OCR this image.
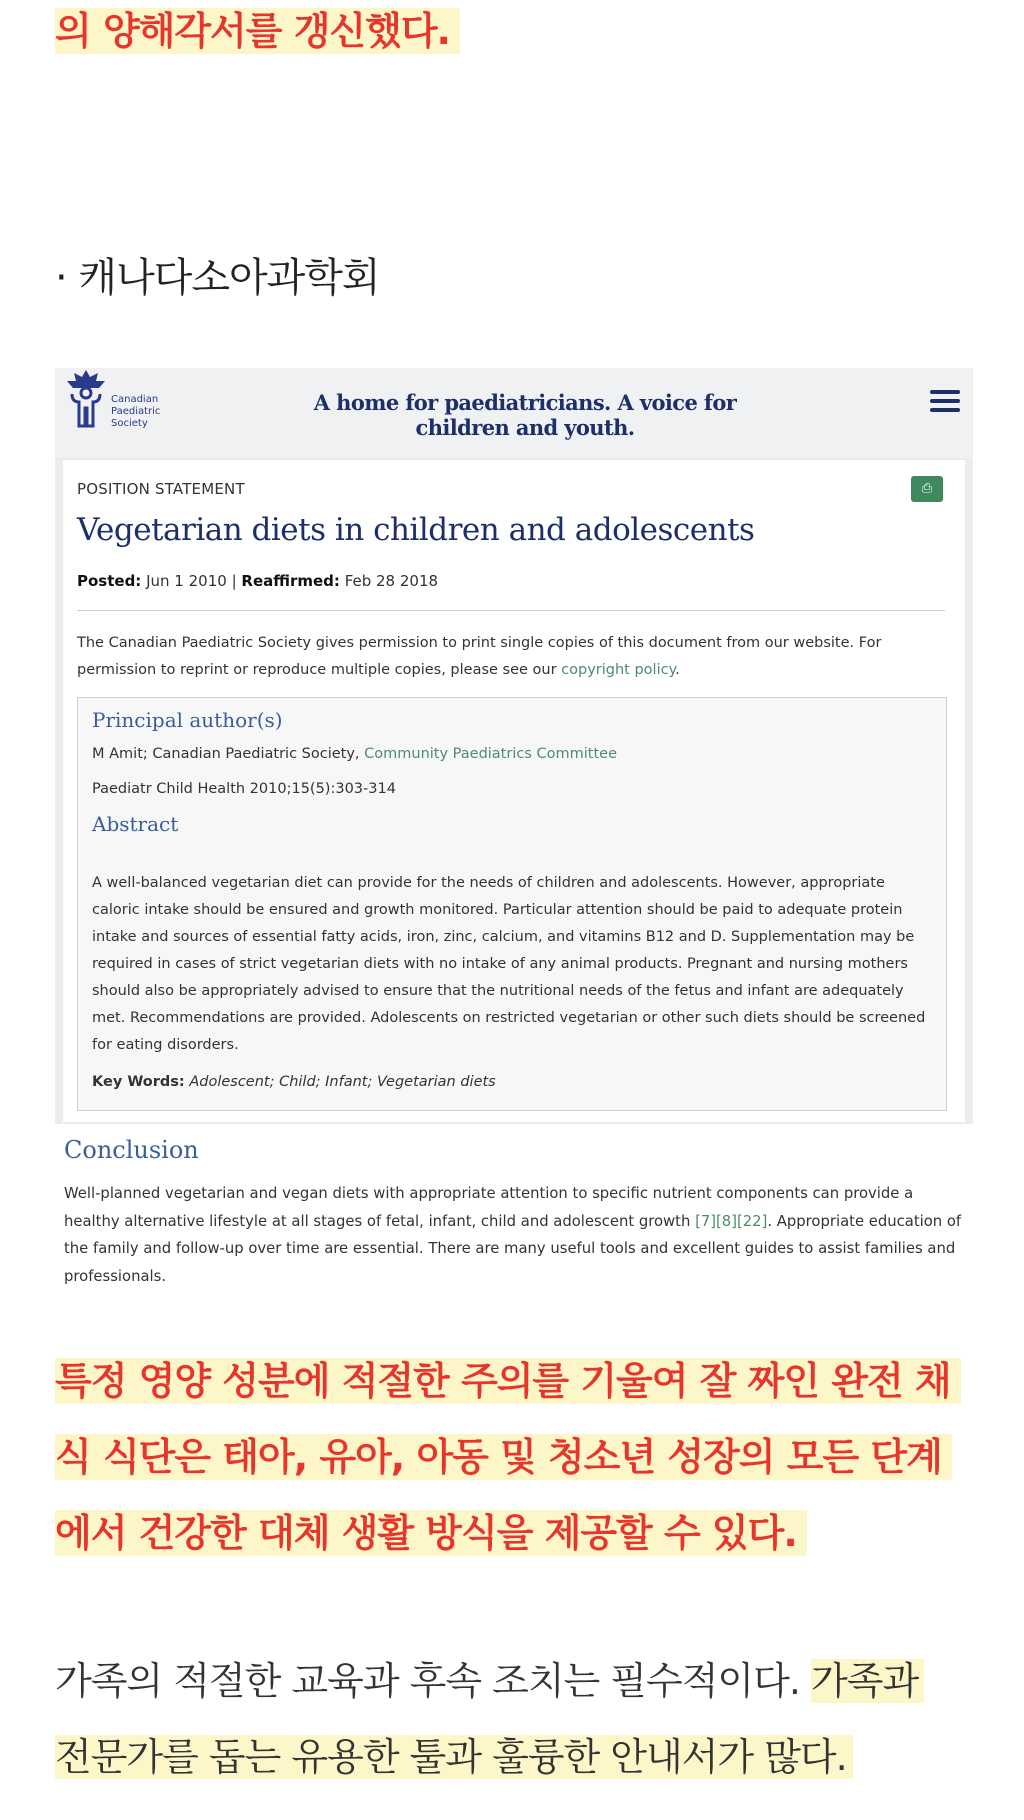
의 양해각서를 갱신했다.
· 캐나다소아과학회
Canadian
Paediatric
Society
A home for paediatricians. A voice for children and youth.
POSITION STATEMENT	⎙
Vegetarian diets in children and adolescents
Posted: Jun 1 2010 | Reaffirmed: Feb 28 2018
The Canadian Paediatric Society gives permission to print single copies of this document from our website. For permission to reprint or reproduce multiple copies, please see our copyright policy.
Principal author(s)
M Amit; Canadian Paediatric Society, Community Paediatrics Committee
Paediatr Child Health 2010;15(5):303-314
Abstract
A well-balanced vegetarian diet can provide for the needs of children and adolescents. However, appropriate caloric intake should be ensured and growth monitored. Particular attention should be paid to adequate protein intake and sources of essential fatty acids, iron, zinc, calcium, and vitamins B12 and D. Supplementation may be required in cases of strict vegetarian diets with no intake of any animal products. Pregnant and nursing mothers should also be appropriately advised to ensure that the nutritional needs of the fetus and infant are adequately met. Recommendations are provided. Adolescents on restricted vegetarian or other such diets should be screened for eating disorders.
Key Words: Adolescent; Child; Infant; Vegetarian diets
Conclusion
Well-planned vegetarian and vegan diets with appropriate attention to specific nutrient components can provide a healthy alternative lifestyle at all stages of fetal, infant, child and adolescent growth [7][8][22]. Appropriate education of the family and follow-up over time are essential. There are many useful tools and excellent guides to assist families and professionals.
특정 영양 성분에 적절한 주의를 기울여 잘 짜인 완전 채
식 식단은 태아, 유아, 아동 및 청소년 성장의 모든 단계
에서 건강한 대체 생활 방식을 제공할 수 있다.
가족의 적절한 교육과 후속 조치는 필수적이다. 가족과
전문가를 돕는 유용한 툴과 훌륭한 안내서가 많다.
